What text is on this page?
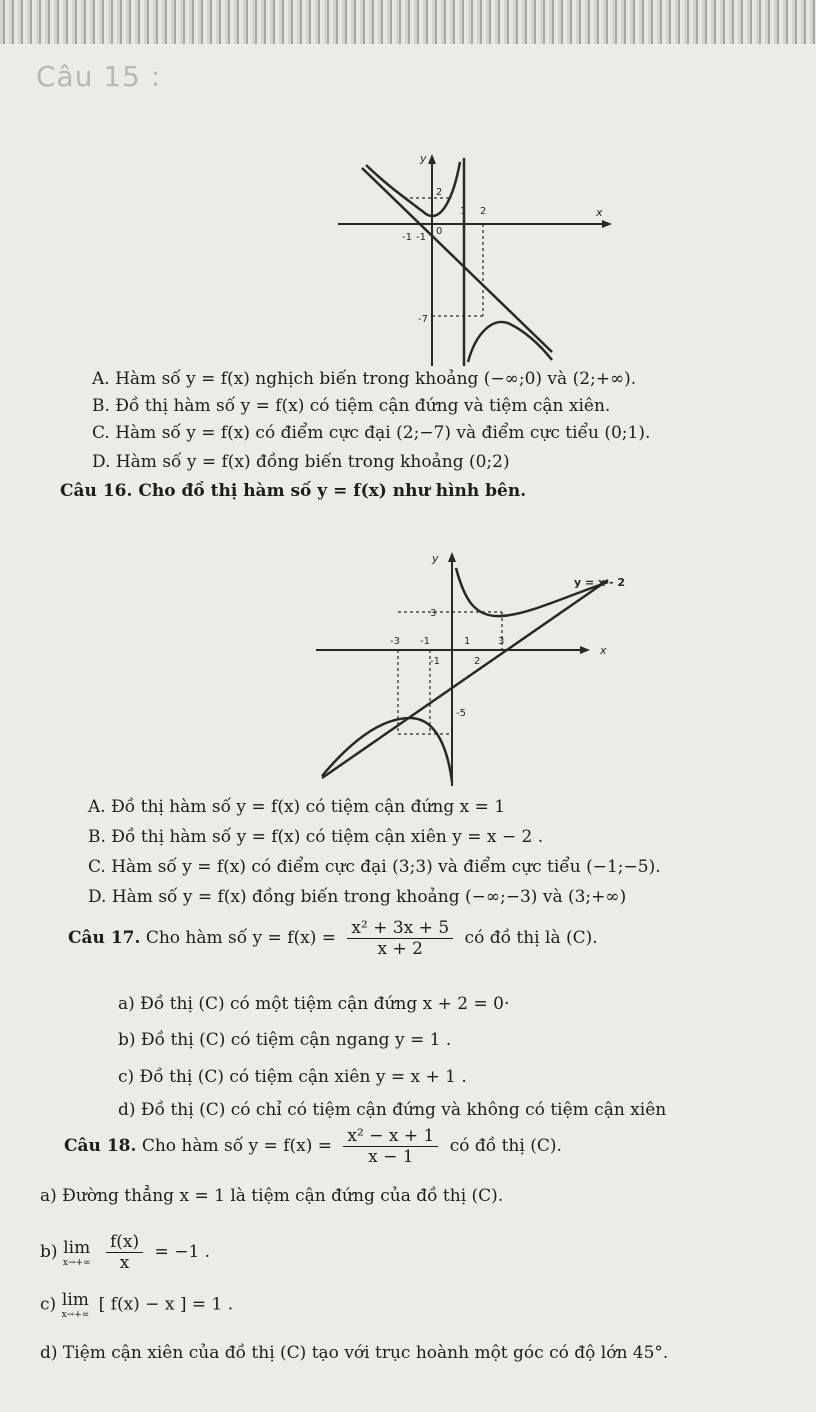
Câu 15 :
y
x
2
1 2
0
-1 -1
-7
A. Hàm số y = f(x) nghịch biến trong khoảng (−∞;0) và (2;+∞).
B. Đồ thị hàm số y = f(x) có tiệm cận đứng và tiệm cận xiên.
C. Hàm số y = f(x) có điểm cực đại (2;−7) và điểm cực tiểu (0;1).
D. Hàm số y = f(x) đồng biến trong khoảng (0;2)
Câu 16. Cho đồ thị hàm số y = f(x) như hình bên.
y
x
y = x - 2
3
-3 -1	1	3
-1	2
-5
A. Đồ thị hàm số y = f(x) có tiệm cận đứng x = 1
B. Đồ thị hàm số y = f(x) có tiệm cận xiên y = x − 2 .
C. Hàm số y = f(x) có điểm cực đại (3;3) và điểm cực tiểu (−1;−5).
D. Hàm số y = f(x) đồng biến trong khoảng (−∞;−3) và (3;+∞)
Câu 17. Cho hàm số $y = f(x) = \frac{\text{x² + 3x + 5}}{x + 2}$ có đồ thị là (C).
a) Đồ thị (C) có một tiệm cận đứng x + 2 = 0·
b) Đồ thị (C) có tiệm cận ngang y = 1 .
c) Đồ thị (C) có tiệm cận xiên y = x + 1 .
d) Đồ thị (C) có chỉ có tiệm cận đứng và không có tiệm cận xiên
Câu 18. Cho hàm số $y = f(x) = \frac{\text{x² − x + 1}}{x - 1}$ có đồ thị (C).
a) Đường thẳng x = 1 là tiệm cận đứng của đồ thị (C).
b) lim
x→+∞
$\frac{f(x)}{x} = -1$ .
c) lim
x→+∞
[ f(x) − x ] = 1 .
d) Tiệm cận xiên của đồ thị (C) tạo với trục hoành một góc có độ lớn 45°.
